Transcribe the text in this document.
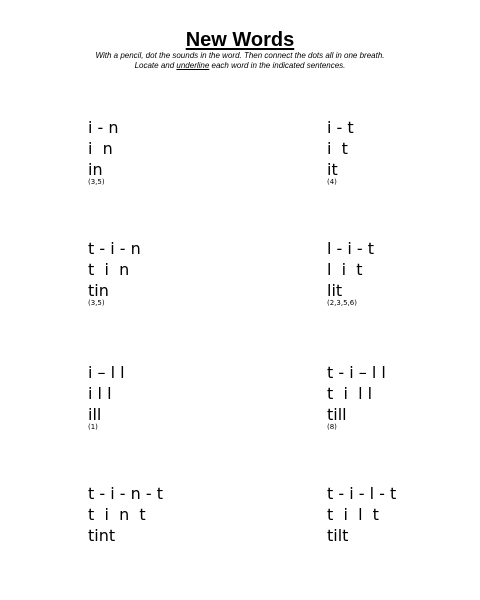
New Words
With a pencil, dot the sounds in the word. Then connect the dots all in one breath.
Locate and underline each word in the indicated sentences.
i - n
i  n
in
(3,5)
i - t
i  t
it
(4)
t - i - n
t  i  n
tin
(3,5)
l - i - t
l  i  t
lit
(2,3,5,6)
i – l l
i l l
ill
(1)
t - i – l l
t  i  l l
till
(8)
t - i - n - t
t  i  n  t
tint
t - i - l - t
t  i  l  t
tilt
